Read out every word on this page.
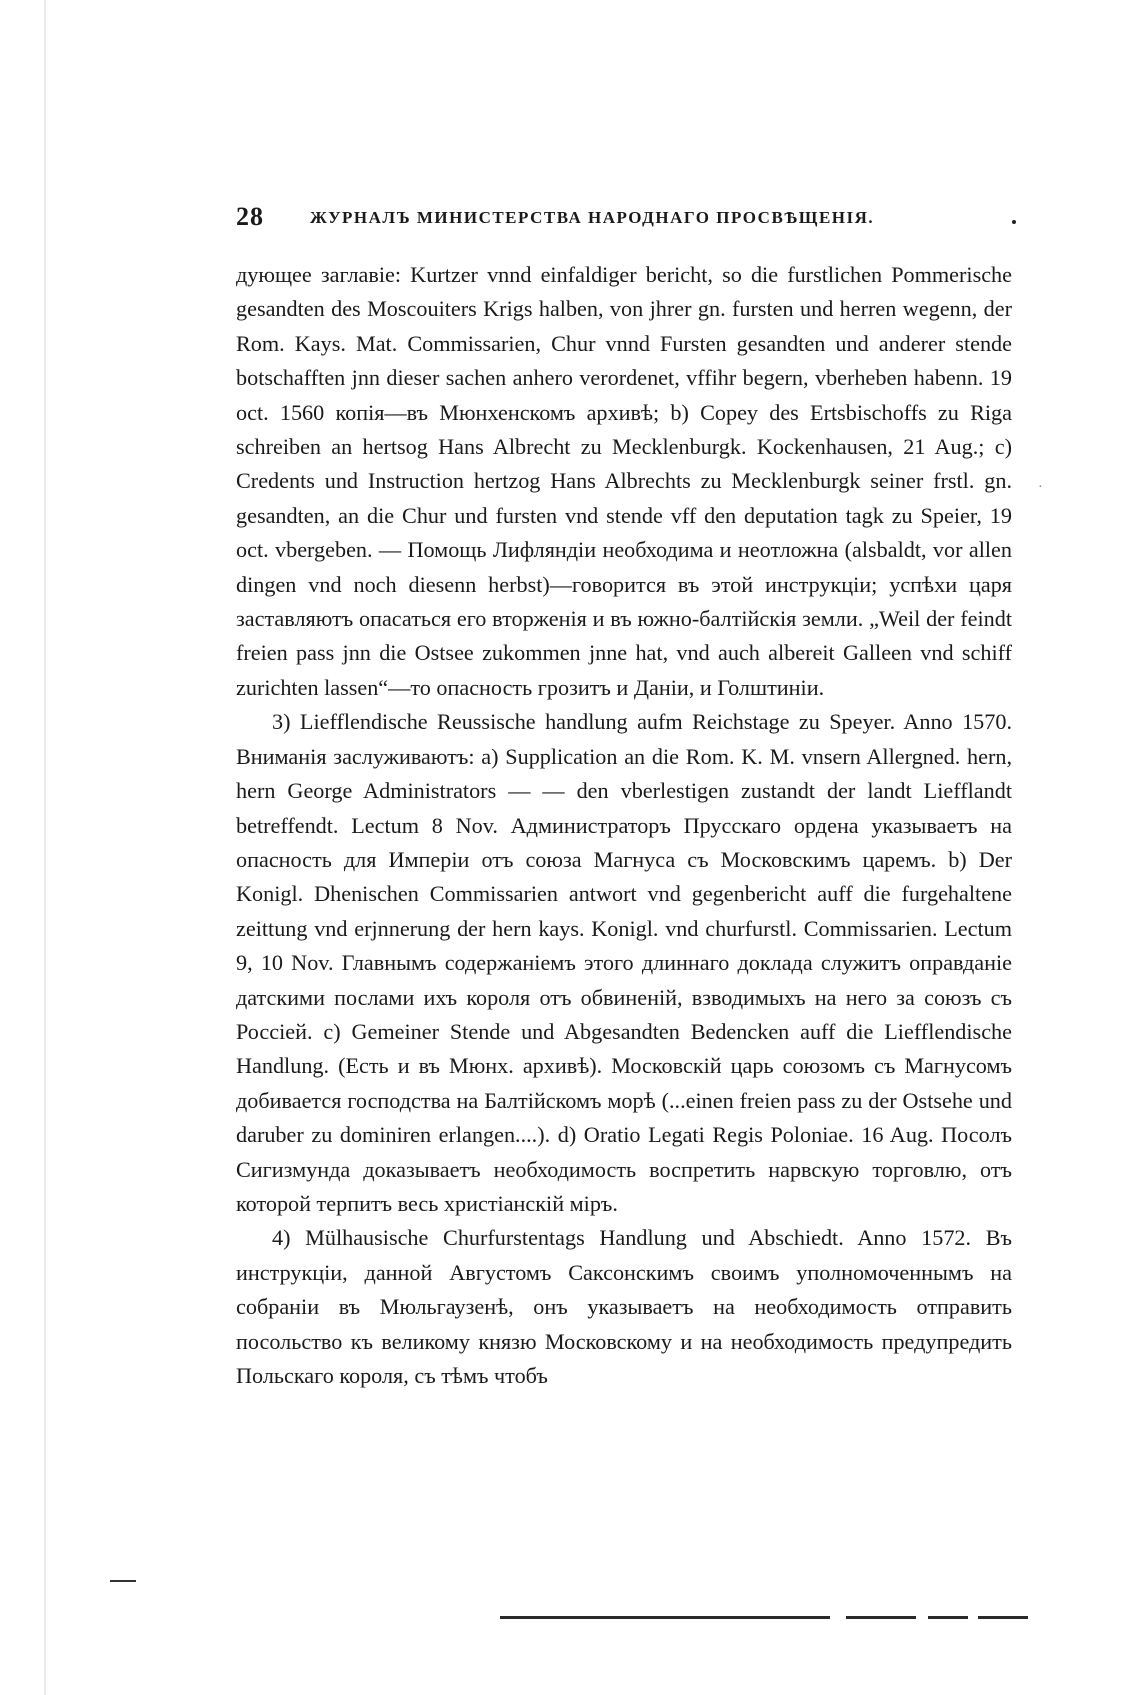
28	ЖУРНАЛЪ МИНИСТЕРСТВА НАРОДНАГО ПРОСВѢЩЕНІЯ.

дующее заглавіе: Kurtzer vnnd einfaldiger bericht, so die furstlichen Pommerische gesandten des Moscouiters Krigs halben, von jhrer gn. fursten und herren wegenn, der Rom. Kays. Mat. Commissarien, Chur vnnd Fursten gesandten und anderer stende botschafften jnn dieser sachen anhero verordenet, vffihr begern, vberheben habenn. 19 oct. 1560 копія—въ Мюнхенскомъ архивѣ; b) Copey des Ertsbischoffs zu Riga schreiben an hertsog Hans Albrecht zu Mecklenburgk. Kockenhausen, 21 Aug.; c) Credents und Instruction hertzog Hans Albrechts zu Mecklenburgk seiner frstl. gn. gesandten, an die Chur und fursten vnd stende vff den deputation tagk zu Speier, 19 oct. vbergeben. — Помощь Лифляндіи необходима и неотложна (alsbaldt, vor allen dingen vnd noch diesenn herbst)—говорится въ этой инструкціи; успѣхи царя заставляютъ опасаться его вторженія и въ южно-балтійскія земли. „Weil der feindt freien pass jnn die Ostsee zukommen jnne hat, vnd auch albereit Galleen vnd schiff zurichten lassen“—то опасность грозитъ и Даніи, и Голштиніи.

3) Liefflendische Reussische handlung aufm Reichstage zu Speyer. Anno 1570. Вниманія заслуживаютъ: a) Supplication an die Rom. K. M. vnsern Allergned. hern, hern George Administrators — — den vberlestigen zustandt der landt Liefflandt betreffendt. Lectum 8 Nov. Администраторъ Прусскаго ордена указываетъ на опасность для Имперіи отъ союза Магнуса съ Московскимъ царемъ. b) Der Konigl. Dhenischen Commissarien antwort vnd gegenbericht auff die furgehaltene zeittung vnd erjnnerung der hern kays. Konigl. vnd churfurstl. Commissarien. Lectum 9, 10 Nov. Главнымъ содержаніемъ этого длиннаго доклада служитъ оправданіе датскими послами ихъ короля отъ обвиненій, взводимыхъ на него за союзъ съ Россіей. c) Gemeiner Stende und Abgesandten Bedencken auff die Liefflendische Handlung. (Есть и въ Мюнх. архивѣ). Московскій царь союзомъ съ Магнусомъ добивается господства на Балтійскомъ морѣ (...einen freien pass zu der Ostsehe und daruber zu dominiren erlangen....). d) Oratio Legati Regis Poloniae. 16 Aug. Посолъ Сигизмунда доказываетъ необходимость воспретить нарвскую торговлю, отъ которой терпитъ весь христіанскій міръ.

4) Mülhausische Churfurstentags Handlung und Abschiedt. Anno 1572. Въ инструкціи, данной Августомъ Саксонскимъ своимъ уполномоченнымъ на собраніи въ Мюльгаузенѣ, онъ указываетъ на необходимость отправить посольство къ великому князю Московскому и на необходимость предупредить Польскаго короля, съ тѣмъ чтобъ

·
